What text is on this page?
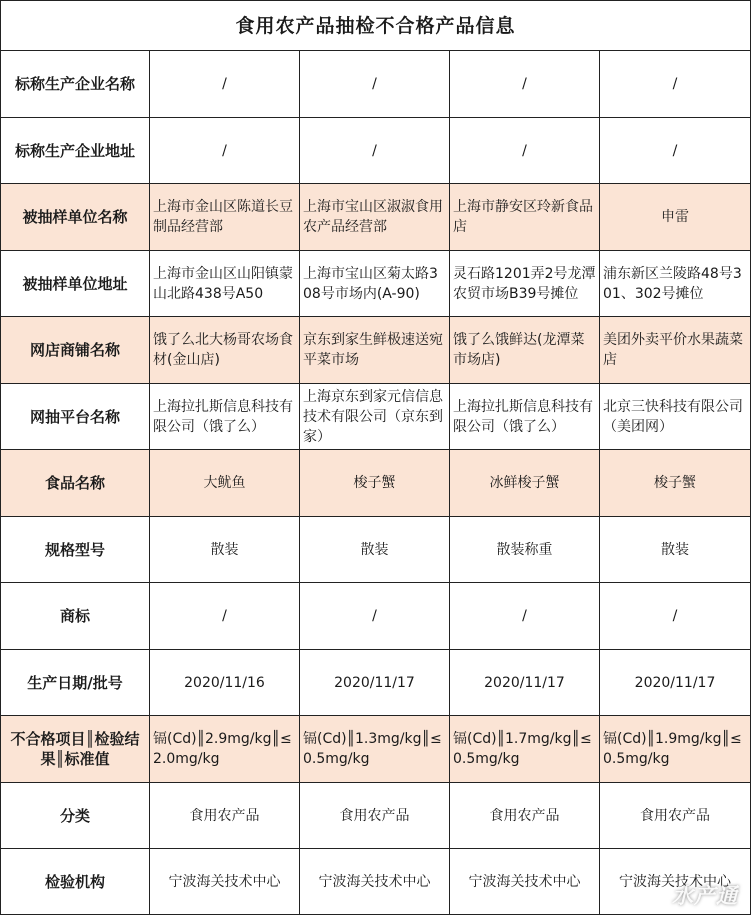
食用农产品抽检不合格产品信息				
标称生产企业名称	/	/	/	/
标称生产企业地址	/	/	/	/
被抽样单位名称	上海市金山区陈道长豆制品经营部	上海市宝山区淑淑食用农产品经营部	上海市静安区玲新食品店	申雷
被抽样单位地址	上海市金山区山阳镇蒙山北路438号A50	上海市宝山区菊太路308号市场内(A-90)	灵石路1201弄2号龙潭农贸市场B39号摊位	浦东新区兰陵路48号301、302号摊位
网店商铺名称	饿了么北大杨哥农场食材(金山店)	京东到家生鲜极速送宛平菜市场	饿了么饿鲜达(龙潭菜市场店)	美团外卖平价水果蔬菜店
网抽平台名称	上海拉扎斯信息科技有限公司（饿了么）	上海京东到家元信信息技术有限公司（京东到家）	上海拉扎斯信息科技有限公司（饿了么）	北京三快科技有限公司（美团网）
食品名称	大鱿鱼	梭子蟹	冰鲜梭子蟹	梭子蟹
规格型号	散装	散装	散装称重	散装
商标	/	/	/	/
生产日期/批号	2020/11/16	2020/11/17	2020/11/17	2020/11/17
不合格项目║检验结果║标准值	镉(Cd)║2.9mg/kg║≤2.0mg/kg	镉(Cd)║1.3mg/kg║≤0.5mg/kg	镉(Cd)║1.7mg/kg║≤0.5mg/kg	镉(Cd)║1.9mg/kg║≤0.5mg/kg
分类	食用农产品	食用农产品	食用农产品	食用农产品
检验机构	宁波海关技术中心	宁波海关技术中心	宁波海关技术中心	宁波海关技术中心
水产通
